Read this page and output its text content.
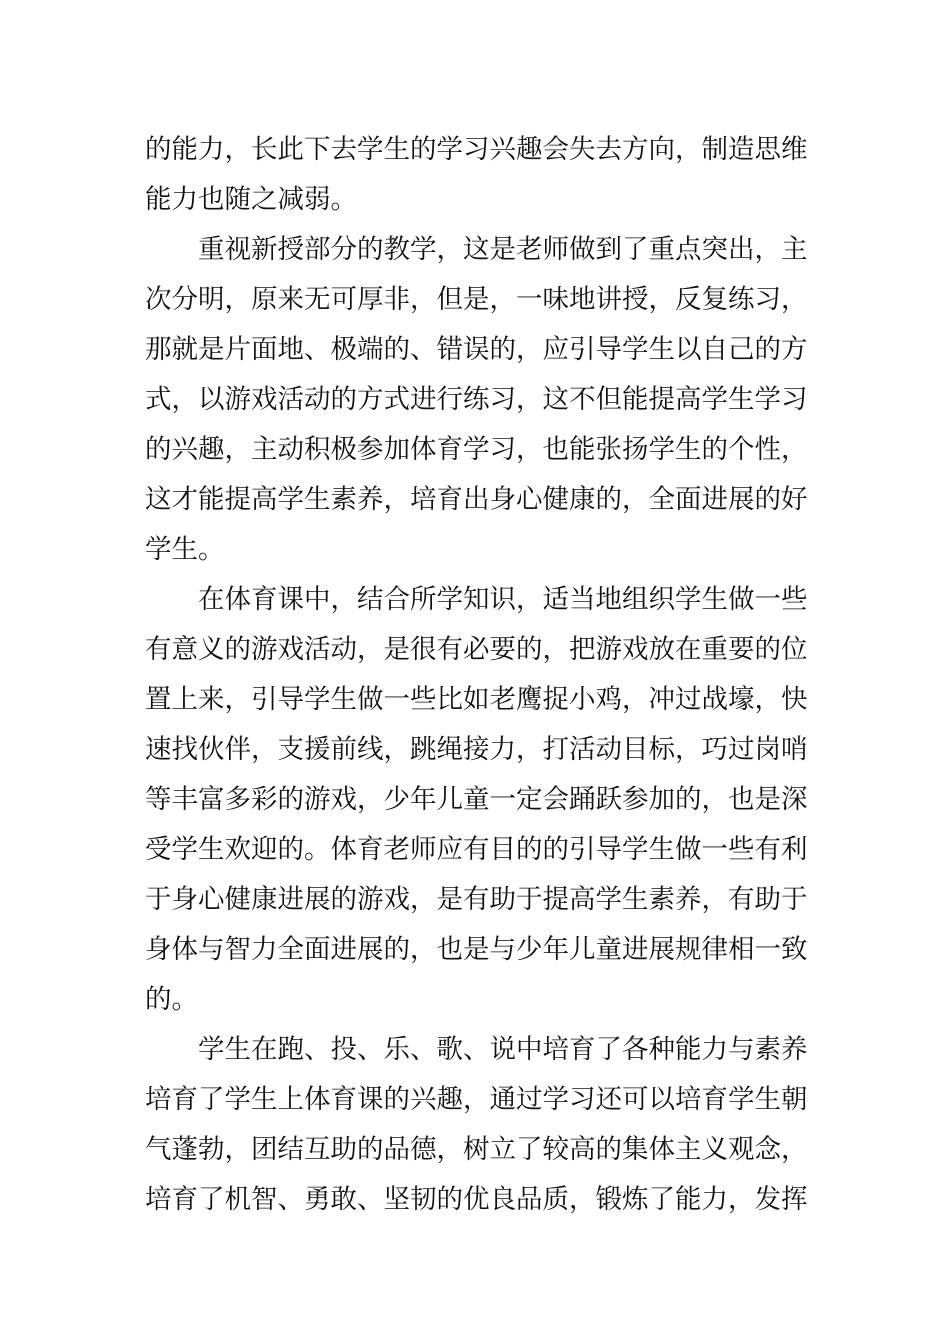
的能力，长此下去学生的学习兴趣会失去方向，制造思维
能力也随之减弱。
重视新授部分的教学，这是老师做到了重点突出，主
次分明，原来无可厚非，但是，一味地讲授，反复练习，
那就是片面地、极端的、错误的，应引导学生以自己的方
式，以游戏活动的方式进行练习，这不但能提高学生学习
的兴趣，主动积极参加体育学习，也能张扬学生的个性，
这才能提高学生素养，培育出身心健康的，全面进展的好
学生。
在体育课中，结合所学知识，适当地组织学生做一些
有意义的游戏活动，是很有必要的，把游戏放在重要的位
置上来，引导学生做一些比如老鹰捉小鸡，冲过战壕，快
速找伙伴，支援前线，跳绳接力，打活动目标，巧过岗哨
等丰富多彩的游戏，少年儿童一定会踊跃参加的，也是深
受学生欢迎的。体育老师应有目的的引导学生做一些有利
于身心健康进展的游戏，是有助于提高学生素养，有助于
身体与智力全面进展的，也是与少年儿童进展规律相一致
的。
学生在跑、投、乐、歌、说中培育了各种能力与素养
培育了学生上体育课的兴趣，通过学习还可以培育学生朝
气蓬勃，团结互助的品德，树立了较高的集体主义观念，
培育了机智、勇敢、坚韧的优良品质，锻炼了能力，发挥
